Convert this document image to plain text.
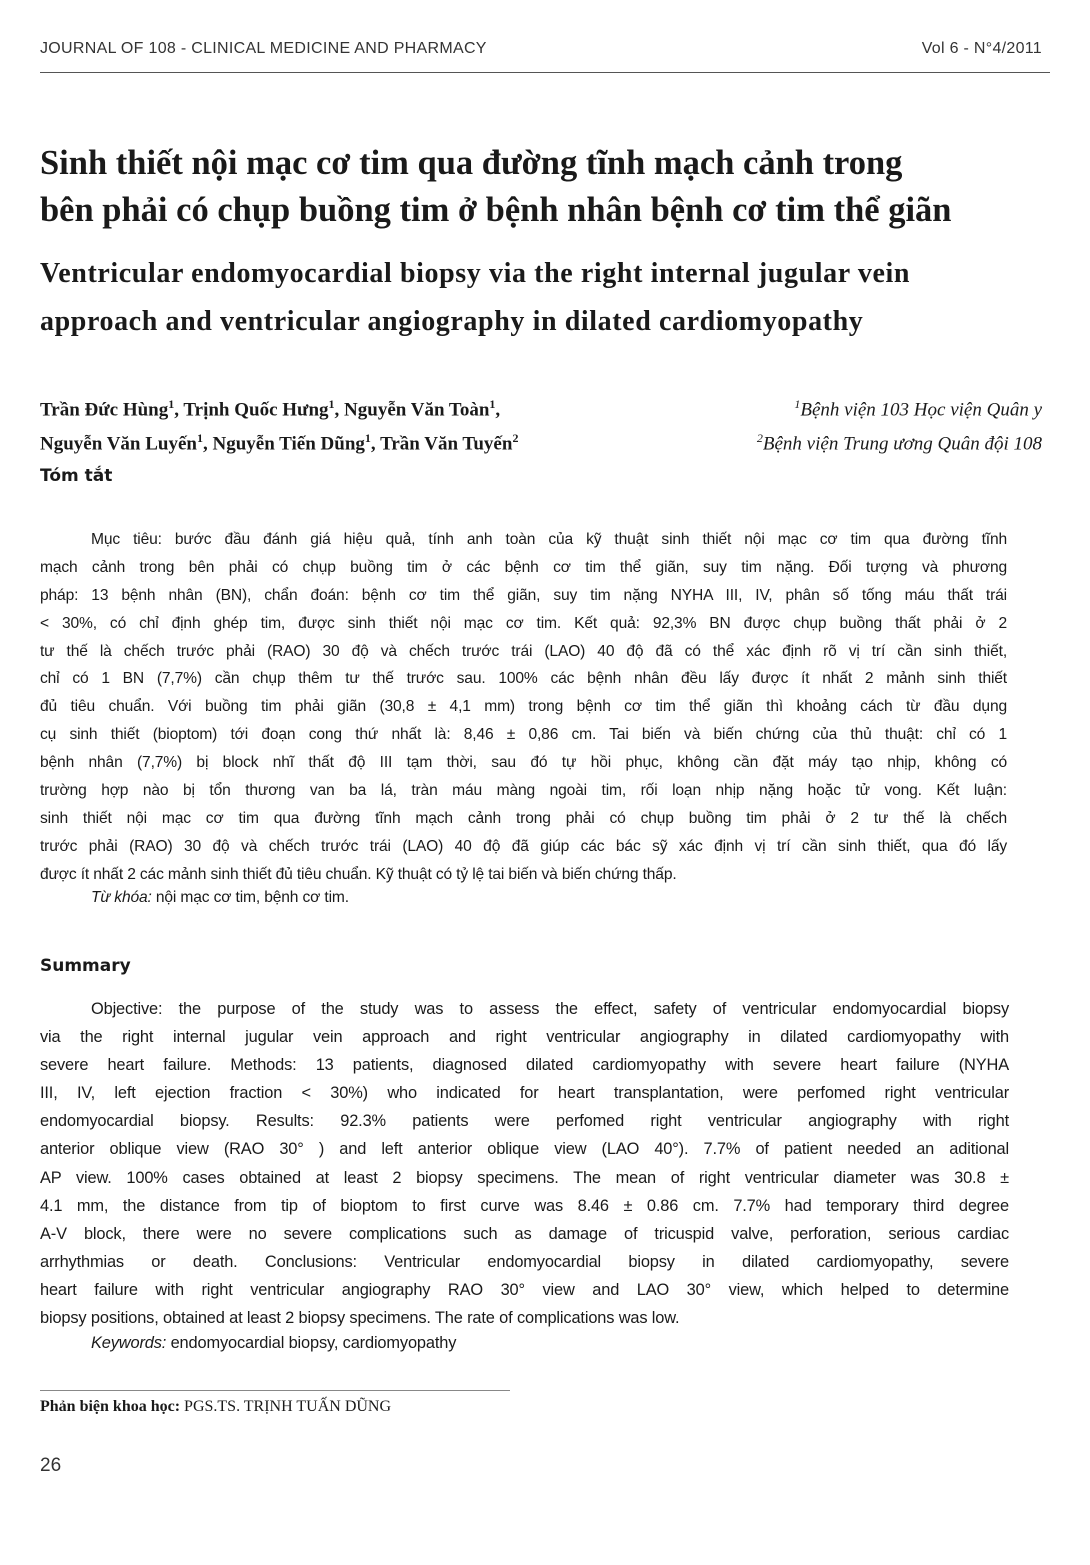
JOURNAL OF 108 - CLINICAL MEDICINE AND PHARMACY	Vol 6 - N°4/2011
Sinh thiết nội mạc cơ tim qua đường tĩnh mạch cảnh trong
bên phải có chụp buồng tim ở bệnh nhân bệnh cơ tim thể giãn
Ventricular endomyocardial biopsy via the right internal jugular vein
approach and ventricular angiography in dilated cardiomyopathy
Trần Đức Hùng$^1$, Trịnh Quốc Hưng$^1$, Nguyễn Văn Toàn$^1$,
Nguyễn Văn Luyến$^1$, Nguyễn Tiến Dũng$^1$, Trần Văn Tuyến$^2$
$^1$Bệnh viện 103 Học viện Quân y
$^2$Bệnh viện Trung ương Quân đội 108
Tóm tắt
Mục tiêu: bước đầu đánh giá hiệu quả, tính anh toàn của kỹ thuật sinh thiết nội mạc cơ tim qua đường tĩnh
mạch cảnh trong bên phải có chụp buồng tim ở các bệnh cơ tim thể giãn, suy tim nặng. Đối tượng và phương
pháp: 13 bệnh nhân (BN), chẩn đoán: bệnh cơ tim thể giãn, suy tim nặng NYHA III, IV, phân số tống máu thất trái
< 30%, có chỉ định ghép tim, được sinh thiết nội mạc cơ tim. Kết quả: 92,3% BN được chụp buồng thất phải ở 2
tư thế là chếch trước phải (RAO) 30 độ và chếch trước trái (LAO) 40 độ đã có thể xác định rõ vị trí cần sinh thiết,
chỉ có 1 BN (7,7%) cần chụp thêm tư thế trước sau. 100% các bệnh nhân đều lấy được ít nhất 2 mảnh sinh thiết
đủ tiêu chuẩn. Với buồng tim phải giãn (30,8 ± 4,1 mm) trong bệnh cơ tim thể giãn thì khoảng cách từ đầu dụng
cụ sinh thiết (bioptom) tới đoạn cong thứ nhất là: 8,46 ± 0,86 cm. Tai biến và biến chứng của thủ thuật: chỉ có 1
bệnh nhân (7,7%) bị block nhĩ thất độ III tạm thời, sau đó tự hồi phục, không cần đặt máy tạo nhịp, không có
trường hợp nào bị tổn thương van ba lá, tràn máu màng ngoài tim, rối loạn nhịp nặng hoặc tử vong. Kết luận:
sinh thiết nội mạc cơ tim qua đường tĩnh mạch cảnh trong phải có chụp buồng tim phải ở 2 tư thế là chếch
trước phải (RAO) 30 độ và chếch trước trái (LAO) 40 độ đã giúp các bác sỹ xác định vị trí cần sinh thiết, qua đó lấy
được ít nhất 2 các mảnh sinh thiết đủ tiêu chuẩn. Kỹ thuật có tỷ lệ tai biến và biến chứng thấp.
Từ khóa: nội mạc cơ tim, bệnh cơ tim.
Summary
Objective: the purpose of the study was to assess the effect, safety of ventricular endomyocardial biopsy
via the right internal jugular vein approach and right ventricular angiography in dilated cardiomyopathy with
severe heart failure. Methods: 13 patients, diagnosed dilated cardiomyopathy with severe heart failure (NYHA
III, IV, left ejection fraction < 30%) who indicated for heart transplantation, were perfomed right ventricular
endomyocardial biopsy. Results: 92.3% patients were perfomed right ventricular angiography with right
anterior oblique view (RAO 30° ) and left anterior oblique view (LAO 40°). 7.7% of patient needed an aditional
AP view. 100% cases obtained at least 2 biopsy specimens. The mean of right ventricular diameter was 30.8 ±
4.1 mm, the distance from tip of bioptom to first curve was 8.46 ± 0.86 cm. 7.7% had temporary third degree
A-V block, there were no severe complications such as damage of tricuspid valve, perforation, serious cardiac
arrhythmias or death. Conclusions: Ventricular endomyocardial biopsy in dilated cardiomyopathy, severe
heart failure with right ventricular angiography RAO 30° view and LAO 30° view, which helped to determine
biopsy positions, obtained at least 2 biopsy specimens. The rate of complications was low.
Keywords: endomyocardial biopsy, cardiomyopathy
Phản biện khoa học: PGS.TS. TRỊNH TUẤN DŨNG
26
